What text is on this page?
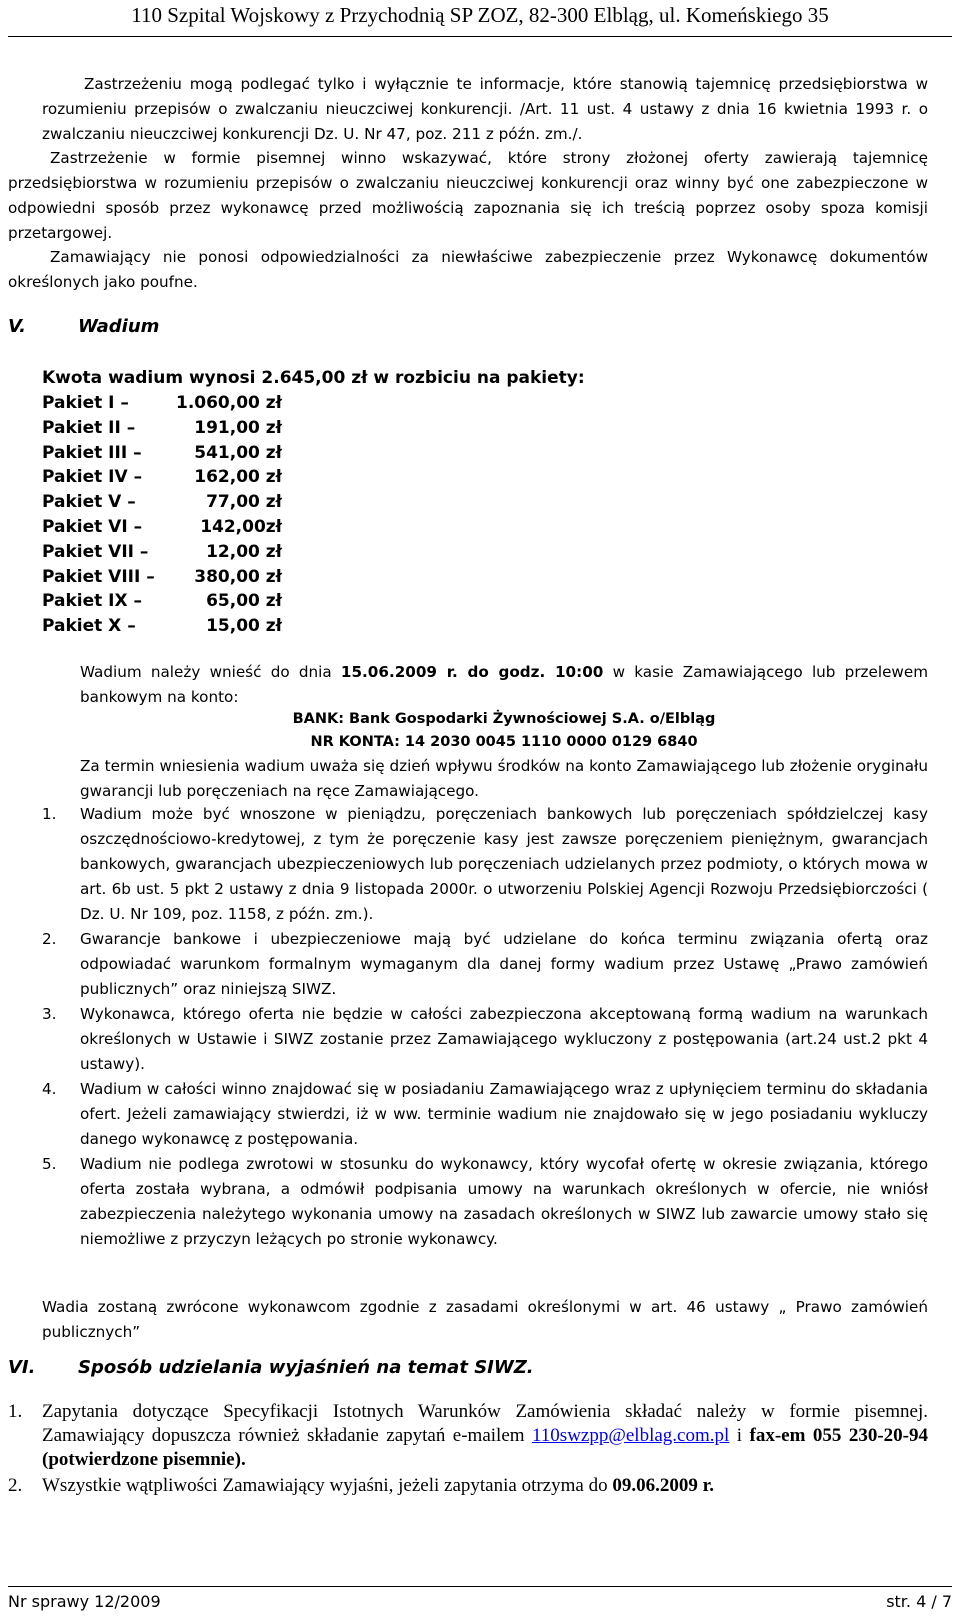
110 Szpital Wojskowy z Przychodnią SP ZOZ, 82-300 Elbląg, ul. Komeńskiego 35
Zastrzeżeniu mogą podlegać tylko i wyłącznie te informacje, które stanowią tajemnicę przedsiębiorstwa w rozumieniu przepisów o zwalczaniu nieuczciwej konkurencji. /Art. 11 ust. 4 ustawy z dnia 16 kwietnia 1993 r. o zwalczaniu nieuczciwej konkurencji Dz. U. Nr 47, poz. 211 z późn. zm./.
Zastrzeżenie w formie pisemnej winno wskazywać, które strony złożonej oferty zawierają tajemnicę przedsiębiorstwa w rozumieniu przepisów o zwalczaniu nieuczciwej konkurencji oraz winny być one zabezpieczone w odpowiedni sposób przez wykonawcę przed możliwością zapoznania się ich treścią poprzez osoby spoza komisji przetargowej.
Zamawiający nie ponosi odpowiedzialności za niewłaściwe zabezpieczenie przez Wykonawcę dokumentów określonych jako poufne.
V.	Wadium
Kwota wadium wynosi 2.645,00 zł w rozbiciu na pakiety:
Pakiet I –	1.060,00 zł
Pakiet II –	191,00 zł
Pakiet III –	541,00 zł
Pakiet IV –	162,00 zł
Pakiet V –	77,00 zł
Pakiet VI –	142,00zł
Pakiet VII –	12,00 zł
Pakiet VIII – 380,00 zł
Pakiet IX –	65,00 zł
Pakiet X –	15,00 zł
Wadium należy wnieść do dnia 15.06.2009 r. do godz. 10:00 w kasie Zamawiającego lub przelewem bankowym na konto:
BANK: Bank Gospodarki Żywnościowej S.A. o/Elbląg
NR KONTA: 14 2030 0045 1110 0000 0129 6840
Za termin wniesienia wadium uważa się dzień wpływu środków na konto Zamawiającego lub złożenie oryginału gwarancji lub poręczeniach na ręce Zamawiającego.
1. Wadium może być wnoszone w pieniądzu, poręczeniach bankowych lub poręczeniach spółdzielczej kasy oszczędnościowo-kredytowej, z tym że poręczenie kasy jest zawsze poręczeniem pieniężnym, gwarancjach bankowych, gwarancjach ubezpieczeniowych lub poręczeniach udzielanych przez podmioty, o których mowa w art. 6b ust. 5 pkt 2 ustawy z dnia 9 listopada 2000r. o utworzeniu Polskiej Agencji Rozwoju Przedsiębiorczości ( Dz. U. Nr 109, poz. 1158, z późn. zm.).
2. Gwarancje bankowe i ubezpieczeniowe mają być udzielane do końca terminu związania ofertą oraz odpowiadać warunkom formalnym wymaganym dla danej formy wadium przez Ustawę „Prawo zamówień publicznych” oraz niniejszą SIWZ.
3. Wykonawca, którego oferta nie będzie w całości zabezpieczona akceptowaną formą wadium na warunkach określonych w Ustawie i SIWZ zostanie przez Zamawiającego wykluczony z postępowania (art.24 ust.2 pkt 4 ustawy).
4. Wadium w całości winno znajdować się w posiadaniu Zamawiającego wraz z upłynięciem terminu do składania ofert. Jeżeli zamawiający stwierdzi, iż w ww. terminie wadium nie znajdowało się w jego posiadaniu wykluczy danego wykonawcę z postępowania.
5. Wadium nie podlega zwrotowi w stosunku do wykonawcy, który wycofał ofertę w okresie związania, którego oferta została wybrana, a odmówił podpisania umowy na warunkach określonych w ofercie, nie wniósł zabezpieczenia należytego wykonania umowy na zasadach określonych w SIWZ lub zawarcie umowy stało się niemożliwe z przyczyn leżących po stronie wykonawcy.
Wadia zostaną zwrócone wykonawcom zgodnie z zasadami określonymi w art. 46 ustawy „ Prawo zamówień publicznych”
VI. Sposób udzielania wyjaśnień na temat SIWZ.
1. Zapytania dotyczące Specyfikacji Istotnych Warunków Zamówienia składać należy w formie pisemnej. Zamawiający dopuszcza również składanie zapytań e-mailem 110swzpp@elblag.com.pl i fax-em 055 230-20-94 (potwierdzone pisemnie).
2. Wszystkie wątpliwości Zamawiający wyjaśni, jeżeli zapytania otrzyma do 09.06.2009 r.
Nr sprawy 12/2009	str. 4 / 7
